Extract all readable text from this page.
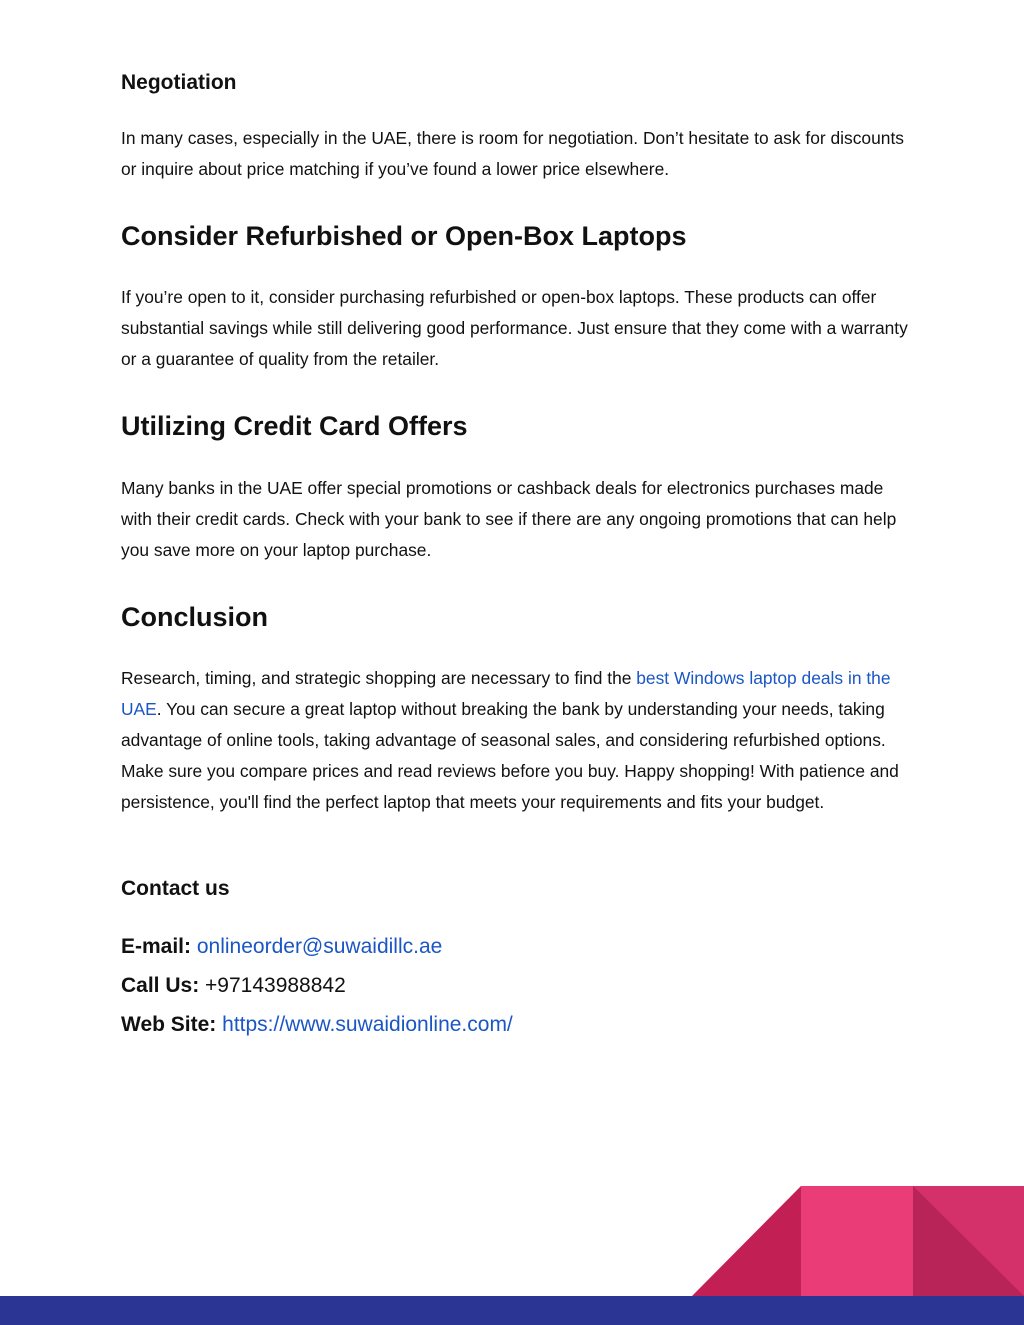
Negotiation

In many cases, especially in the UAE, there is room for negotiation. Don’t hesitate to ask for discounts or inquire about price matching if you’ve found a lower price elsewhere.

Consider Refurbished or Open-Box Laptops

If you’re open to it, consider purchasing refurbished or open-box laptops. These products can offer substantial savings while still delivering good performance. Just ensure that they come with a warranty or a guarantee of quality from the retailer.

Utilizing Credit Card Offers

Many banks in the UAE offer special promotions or cashback deals for electronics purchases made with their credit cards. Check with your bank to see if there are any ongoing promotions that can help you save more on your laptop purchase.

Conclusion

Research, timing, and strategic shopping are necessary to find the best Windows laptop deals in the UAE. You can secure a great laptop without breaking the bank by understanding your needs, taking advantage of online tools, taking advantage of seasonal sales, and considering refurbished options. Make sure you compare prices and read reviews before you buy. Happy shopping! With patience and persistence, you'll find the perfect laptop that meets your requirements and fits your budget.

Contact us

E-mail: onlineorder@suwaidillc.ae

Call Us: +97143988842

Web Site: https://www.suwaidionline.com/
